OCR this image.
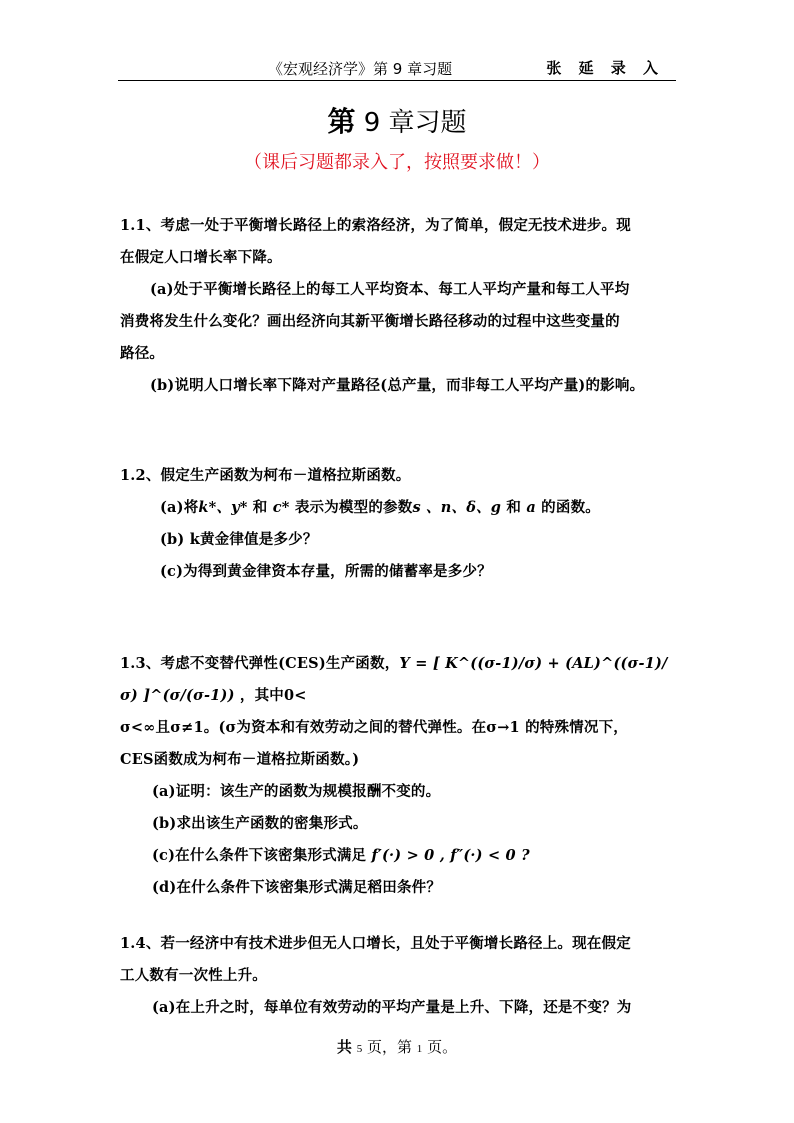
《宏观经济学》第 9 章习题	张 延 录 入
第 9 章习题
（课后习题都录入了，按照要求做！）

1.1、考虑一处于平衡增长路径上的索洛经济，为了简单，假定无技术进步。现

在假定人口增长率下降。

(a)处于平衡增长路径上的每工人平均资本、每工人平均产量和每工人平均

消费将发生什么变化？画出经济向其新平衡增长路径移动的过程中这些变量的

路径。

(b)说明人口增长率下降对产量路径(总产量，而非每工人平均产量)的影响。

1.2、假定生产函数为柯布－道格拉斯函数。

(a)将k*、y* 和 c* 表示为模型的参数s 、n、δ、g 和 a 的函数。

(b) k黄金律值是多少？

(c)为得到黄金律资本存量，所需的储蓄率是多少？

1.3、考虑不变替代弹性(CES)生产函数，Y = [ K^((σ-1)/σ) + (AL)^((σ-1)/σ) ]^(σ/(σ-1)) ，其中0<

σ<∞且σ≠1。(σ为资本和有效劳动之间的替代弹性。在σ→1 的特殊情况下，

CES函数成为柯布－道格拉斯函数。)

(a)证明：该生产的函数为规模报酬不变的。

(b)求出该生产函数的密集形式。

(c)在什么条件下该密集形式满足 f′(·) > 0 , f″(·) < 0 ?

(d)在什么条件下该密集形式满足稻田条件？

1.4、若一经济中有技术进步但无人口增长，且处于平衡增长路径上。现在假定

工人数有一次性上升。

(a)在上升之时，每单位有效劳动的平均产量是上升、下降，还是不变？为

共 5 页，第 1 页。
